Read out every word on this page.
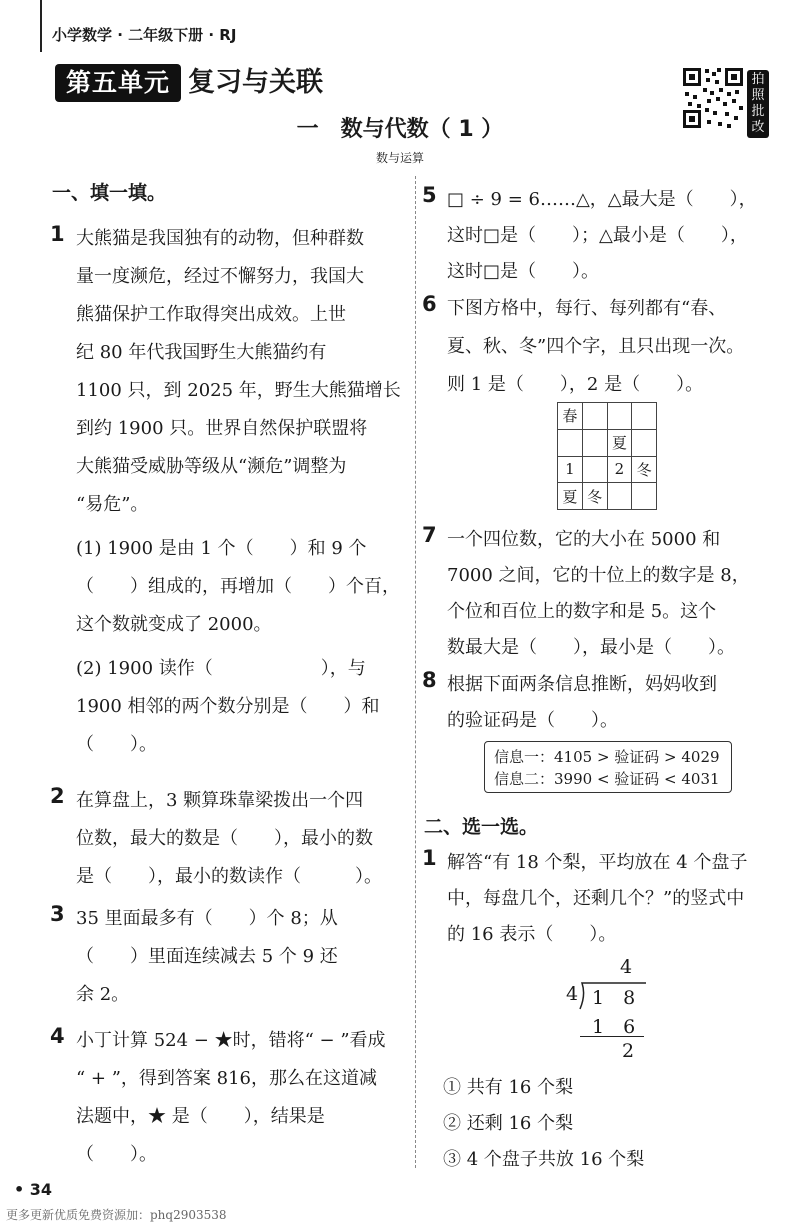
小学数学 · 二年级下册 · RJ
第五单元 复习与关联	拍照批改
一　数与代数（ 1 ）
数与运算
一、填一填。
1 大熊猫是我国独有的动物，但种群数
量一度濒危，经过不懈努力，我国大
熊猫保护工作取得突出成效。上世
纪 80 年代我国野生大熊猫约有
1100 只，到 2025 年，野生大熊猫增长
到约 1900 只。世界自然保护联盟将
大熊猫受威胁等级从“濒危”调整为
“易危”。
(1) 1900 是由 1 个（　　）和 9 个
（　　）组成的，再增加（　　）个百，
这个数就变成了 2000。
(2) 1900 读作（　　　　　　），与
1900 相邻的两个数分别是（　　）和
（　　）。
2 在算盘上，3 颗算珠靠梁拨出一个四
位数，最大的数是（　　），最小的数
是（　　），最小的数读作（　　　）。
3 35 里面最多有（　　）个 8；从
（　　）里面连续减去 5 个 9 还
余 2。
4 小丁计算 524 − ★时，错将“ − ”看成
“ + ”，得到答案 816，那么在这道减
法题中，★ 是（　　），结果是
（　　）。
5 □ ÷ 9 = 6……△，△最大是（　　），
这时□是（　　）；△最小是（　　），
这时□是（　　）。
6 下图方格中，每行、每列都有“春、
夏、秋、冬”四个字，且只出现一次。
则 1 是（　　），2 是（　　）。
春			
		夏	
1		2	冬
夏	冬		
7 一个四位数，它的大小在 5000 和
7000 之间，它的十位上的数字是 8，
个位和百位上的数字和是 5。这个
数最大是（　　），最小是（　　）。
8 根据下面两条信息推断，妈妈收到
的验证码是（　　）。
信息一：4105 > 验证码 > 4029
信息二：3990 < 验证码 < 4031
二、选一选。
1 解答“有 18 个梨，平均放在 4 个盘子
中，每盘几个，还剩几个？”的竖式中
的 16 表示（　　）。
4
4 1　8
1　6
2
① 共有 16 个梨
② 还剩 16 个梨
③ 4 个盘子共放 16 个梨
• 34
更多更新优质免费资源加：phq2903538
